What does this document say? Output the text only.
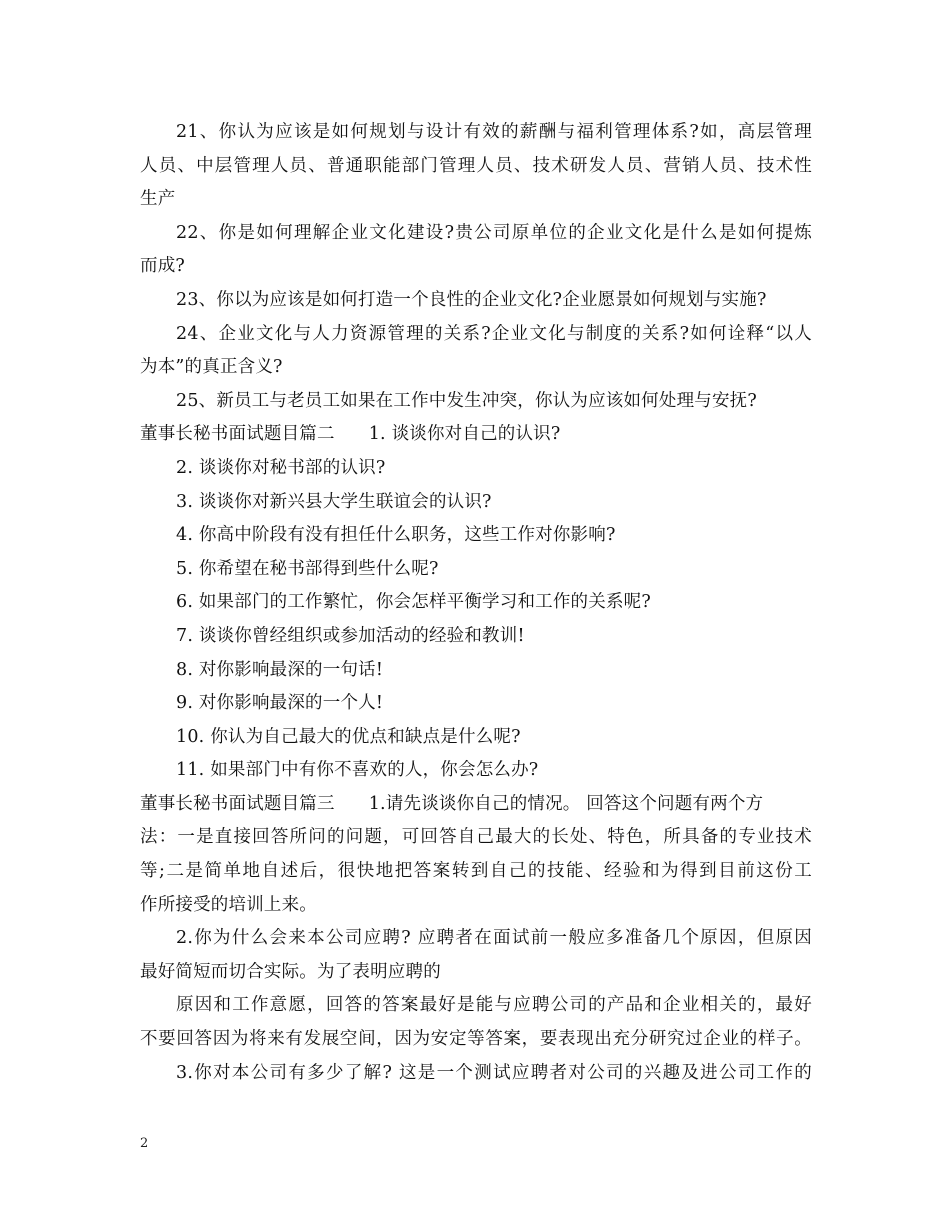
21、你认为应该是如何规划与设计有效的薪酬与福利管理体系?如，高层管理
人员、中层管理人员、普通职能部门管理人员、技术研发人员、营销人员、技术性
生产
22、你是如何理解企业文化建设?贵公司原单位的企业文化是什么是如何提炼
而成?
23、你以为应该是如何打造一个良性的企业文化?企业愿景如何规划与实施?
24、企业文化与人力资源管理的关系?企业文化与制度的关系?如何诠释“以人
为本”的真正含义?
25、新员工与老员工如果在工作中发生冲突，你认为应该如何处理与安抚?
董事长秘书面试题目篇二 1. 谈谈你对自己的认识?
2. 谈谈你对秘书部的认识?
3. 谈谈你对新兴县大学生联谊会的认识?
4. 你高中阶段有没有担任什么职务，这些工作对你影响?
5. 你希望在秘书部得到些什么呢?
6. 如果部门的工作繁忙，你会怎样平衡学习和工作的关系呢?
7. 谈谈你曾经组织或参加活动的经验和教训!
8. 对你影响最深的一句话!
9. 对你影响最深的一个人!
10. 你认为自己最大的优点和缺点是什么呢?
11. 如果部门中有你不喜欢的人，你会怎么办?
董事长秘书面试题目篇三 1.请先谈谈你自己的情况。 回答这个问题有两个方
法：一是直接回答所问的问题，可回答自己最大的长处、特色，所具备的专业技术
等;二是简单地自述后，很快地把答案转到自己的技能、经验和为得到目前这份工
作所接受的培训上来。
2.你为什么会来本公司应聘? 应聘者在面试前一般应多准备几个原因，但原因
最好简短而切合实际。为了表明应聘的
原因和工作意愿，回答的答案最好是能与应聘公司的产品和企业相关的，最好
不要回答因为将来有发展空间，因为安定等答案，要表现出充分研究过企业的样子。
3.你对本公司有多少了解? 这是一个测试应聘者对公司的兴趣及进公司工作的
2
